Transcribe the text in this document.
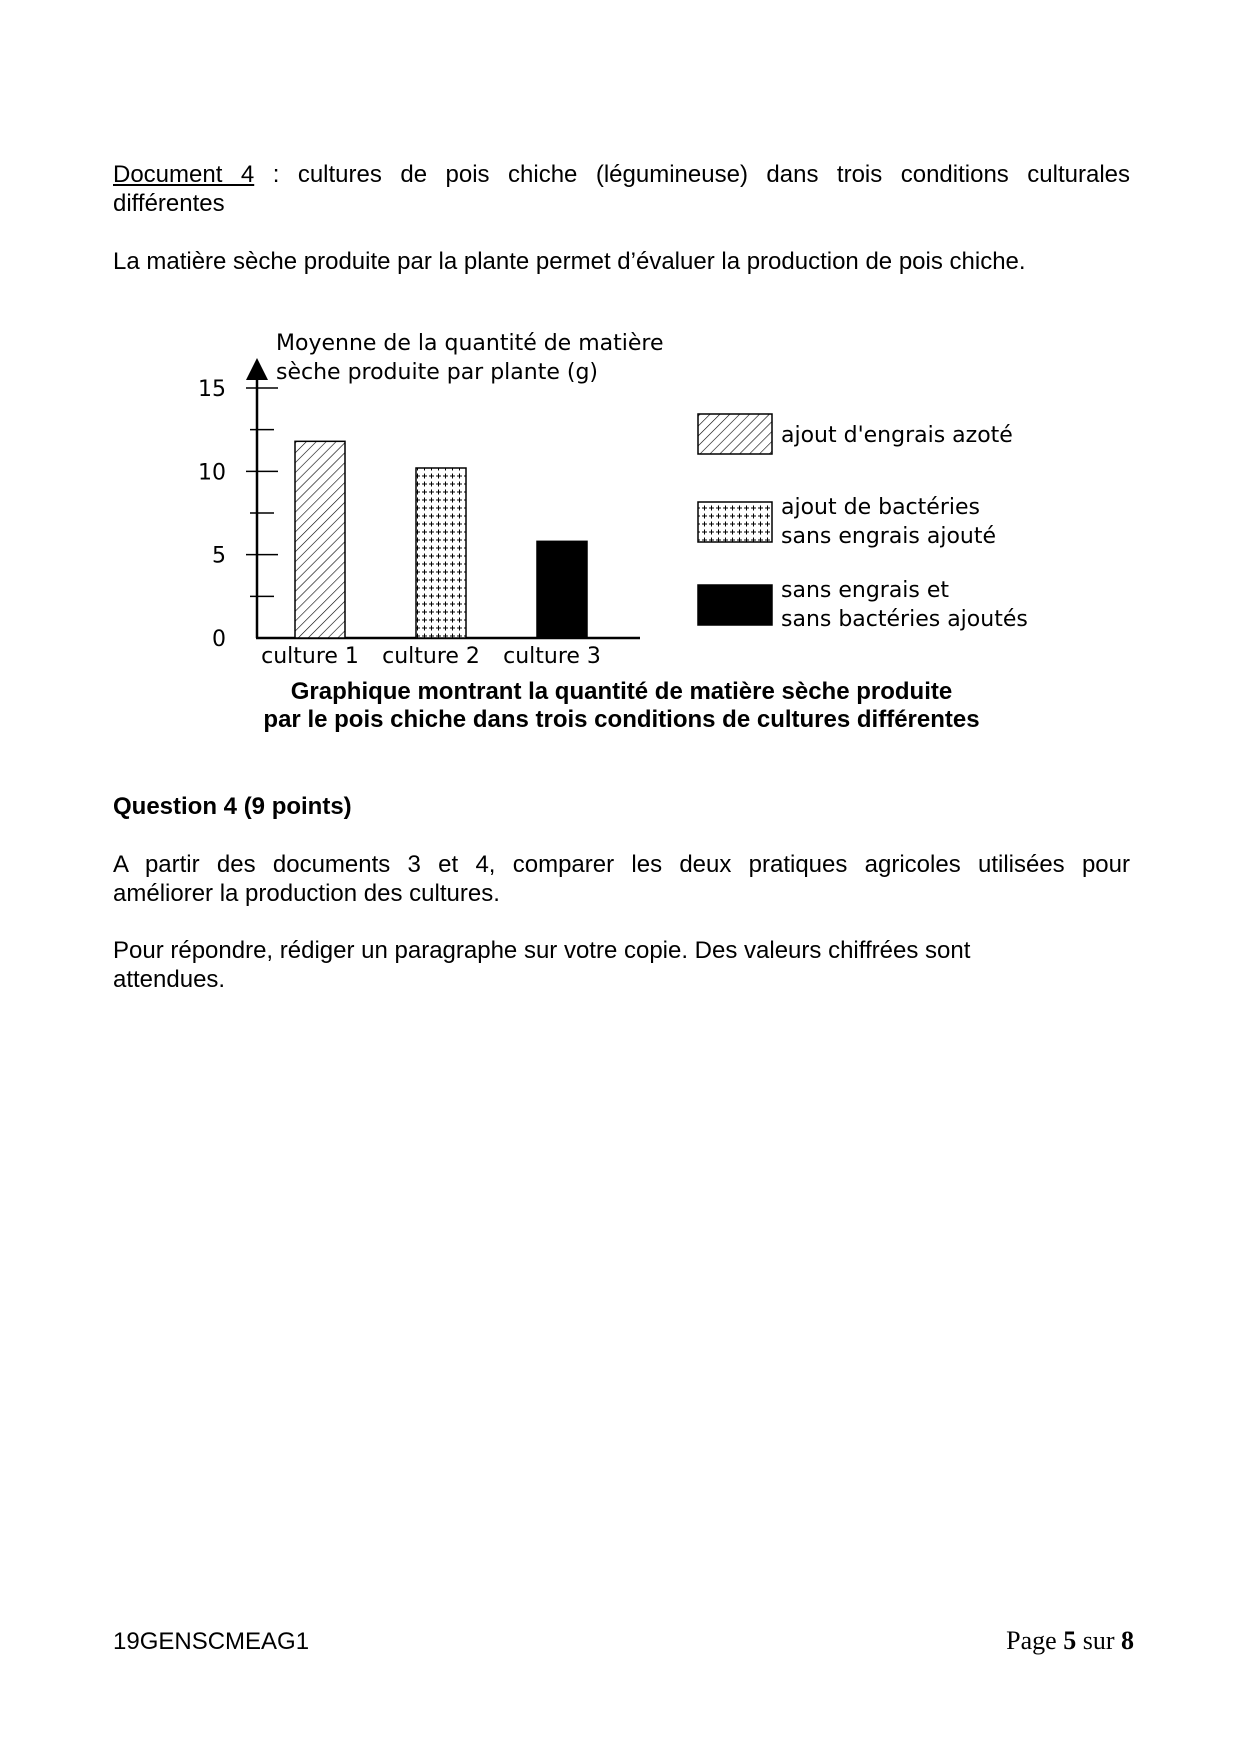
Document 4 : cultures de pois chiche (légumineuse) dans trois conditions culturales

différentes

La matière sèche produite par la plante permet d’évaluer la production de pois chiche.

Moyenne de la quantité de matière
sèche produite par plante (g)
0
5
10
15
culture 1 culture 2 culture 3
ajout d'engrais azoté
ajout de bactéries
sans engrais ajouté
sans engrais et
sans bactéries ajoutés
Graphique montrant la quantité de matière sèche produite
par le pois chiche dans trois conditions de cultures différentes

Question 4 (9 points)

A partir des documents 3 et 4, comparer les deux pratiques agricoles utilisées pour

améliorer la production des cultures.

Pour répondre, rédiger un paragraphe sur votre copie. Des valeurs chiffrées sont

attendues.

19GENSCMEAG1	Page 5 sur 8
